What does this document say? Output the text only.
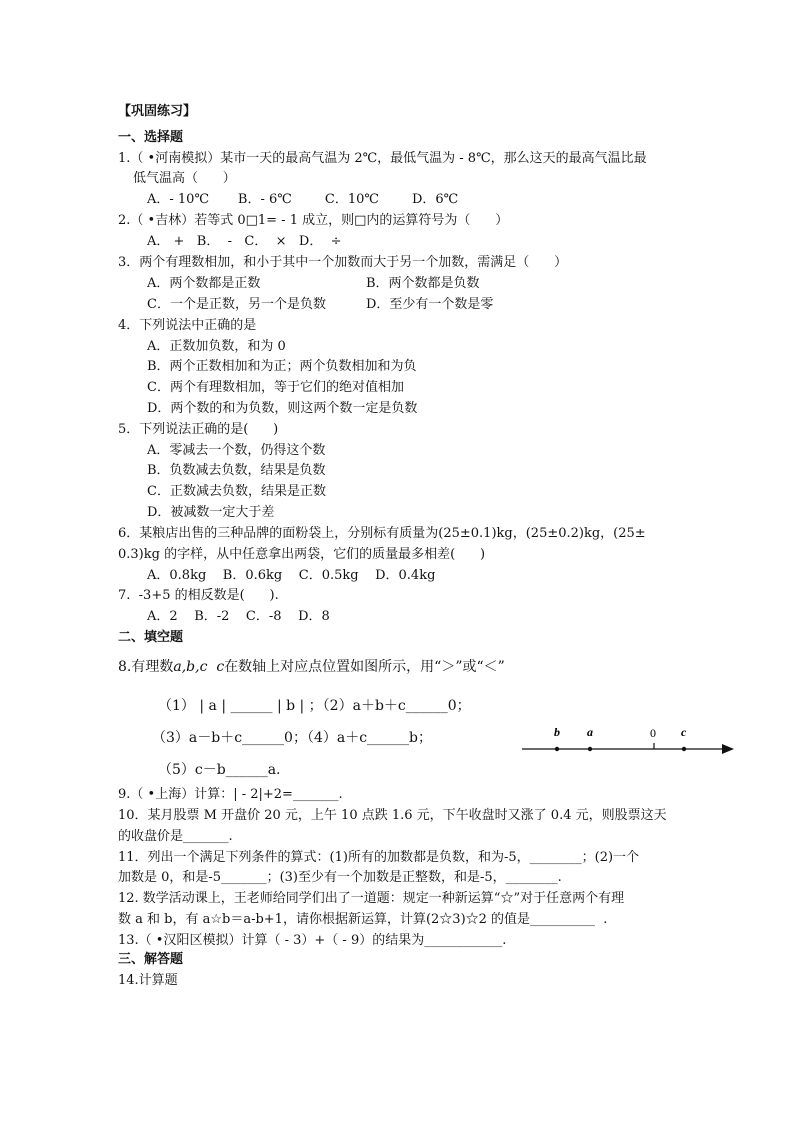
【巩固练习】
一、选择题
1.（ •河南模拟）某市一天的最高气温为 2℃，最低气温为 - 8℃，那么这天的最高气温比最
低气温高（      ）
A．- 10℃       B．- 6℃        C．10℃        D．6℃
2.（ •吉林）若等式 0□1= - 1 成立，则□内的运算符号为（      ）
A． +   B．  -   C．  ×   D．  ÷
3．两个有理数相加，和小于其中一个加数而大于另一个加数，需满足（      ）
A．两个数都是正数	B．两个数都是负数
C．一个是正数，另一个是负数	D．至少有一个数是零
4．下列说法中正确的是
A．正数加负数，和为 0
B．两个正数相加和为正；两个负数相加和为负
C．两个有理数相加，等于它们的绝对值相加
D．两个数的和为负数，则这两个数一定是负数
5．下列说法正确的是(      )
A．零减去一个数，仍得这个数
B．负数减去负数，结果是负数
C．正数减去负数，结果是正数
D．被减数一定大于差
6．某粮店出售的三种品牌的面粉袋上，分别标有质量为(25±0.1)kg，(25±0.2)kg，(25±
0.3)kg 的字样，从中任意拿出两袋，它们的质量最多相差(      )
A．0.8kg    B．0.6kg    C．0.5kg    D．0.4kg
7.  -3+5 的相反数是(      ).
A．2    B．-2    C．-8    D．8
二、填空题
8.有理数a,b,c  c在数轴上对应点位置如图所示，用“＞”或“＜”
（1） | a | ______ | b | ；（2）a＋b＋c______0；
（3）a－b＋c______0；（4）a＋c______b；
（5）c－b______a.
b a	0 c
9.（ •上海）计算：| - 2|+2=_______.
10．某月股票 M 开盘价 20 元，上午 10 点跌 1.6 元，下午收盘时又涨了 0.4 元，则股票这天
的收盘价是_______.
11．列出一个满足下列条件的算式：(1)所有的加数都是负数，和为-5，________；(2)一个
加数是 0，和是-5_______；(3)至少有一个加数是正整数，和是-5，________.
12. 数学活动课上，王老师给同学们出了一道题：规定一种新运算“☆”对于任意两个有理
数 a 和 b，有 a☆b＝a-b+1，请你根据新运算，计算(2☆3)☆2 的值是__________  .
13.（ •汉阳区模拟）计算（ - 3）+（ - 9）的结果为____________.
三、解答题
14.计算题
